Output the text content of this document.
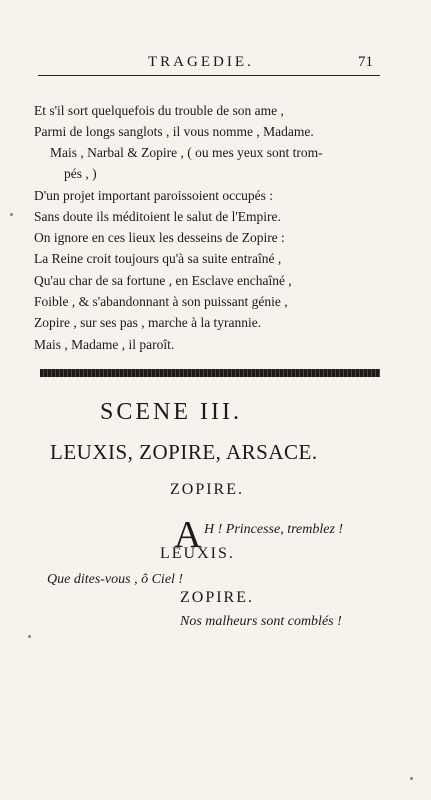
TRAGEDIE.	71
Et s'il sort quelquefois du trouble de son ame ,
Parmi de longs sanglots , il vous nomme , Madame.
Mais , Narbal & Zopire , ( ou mes yeux sont trom-
pés , )
D'un projet important paroissoient occupés :
Sans doute ils méditoient le salut de l'Empire.
On ignore en ces lieux les desseins de Zopire :
La Reine croit toujours qu'à sa suite entraîné ,
Qu'au char de sa fortune , en Esclave enchaîné ,
Foible , & s'abandonnant à son puissant génie ,
Zopire , sur ses pas , marche à la tyrannie.
Mais , Madame , il paroît.
SCENE III.
LEUXIS, ZOPIRE, ARSACE.
ZOPIRE.
A H ! Princesse, tremblez !
LEUXIS.
Que dites-vous , ô Ciel !
ZOPIRE.
Nos malheurs sont comblés !
